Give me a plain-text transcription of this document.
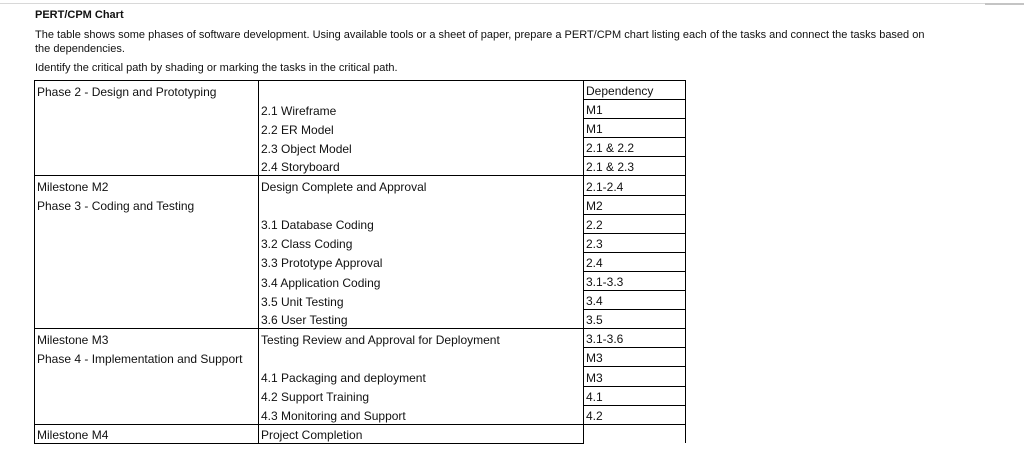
PERT/CPM Chart
The table shows some phases of software development. Using available tools or a sheet of paper, prepare a PERT/CPM chart listing each of the tasks and connect the tasks based on the dependencies.
Identify the critical path by shading or marking the tasks in the critical path.
Phase 2 - Design and Prototyping		Dependency
	2.1 Wireframe	M1
	2.2 ER Model	M1
	2.3 Object Model	2.1 & 2.2
	2.4 Storyboard	2.1 & 2.3
Milestone M2	Design Complete and Approval	2.1-2.4
Phase 3 - Coding and Testing		M2
	3.1 Database Coding	2.2
	3.2 Class Coding	2.3
	3.3 Prototype Approval	2.4
	3.4 Application Coding	3.1-3.3
	3.5 Unit Testing	3.4
	3.6 User Testing	3.5
Milestone M3	Testing Review and Approval for Deployment	3.1-3.6
Phase 4 - Implementation and Support		M3
	4.1 Packaging and deployment	M3
	4.2 Support Training	4.1
	4.3 Monitoring and Support	4.2
Milestone M4	Project Completion	
